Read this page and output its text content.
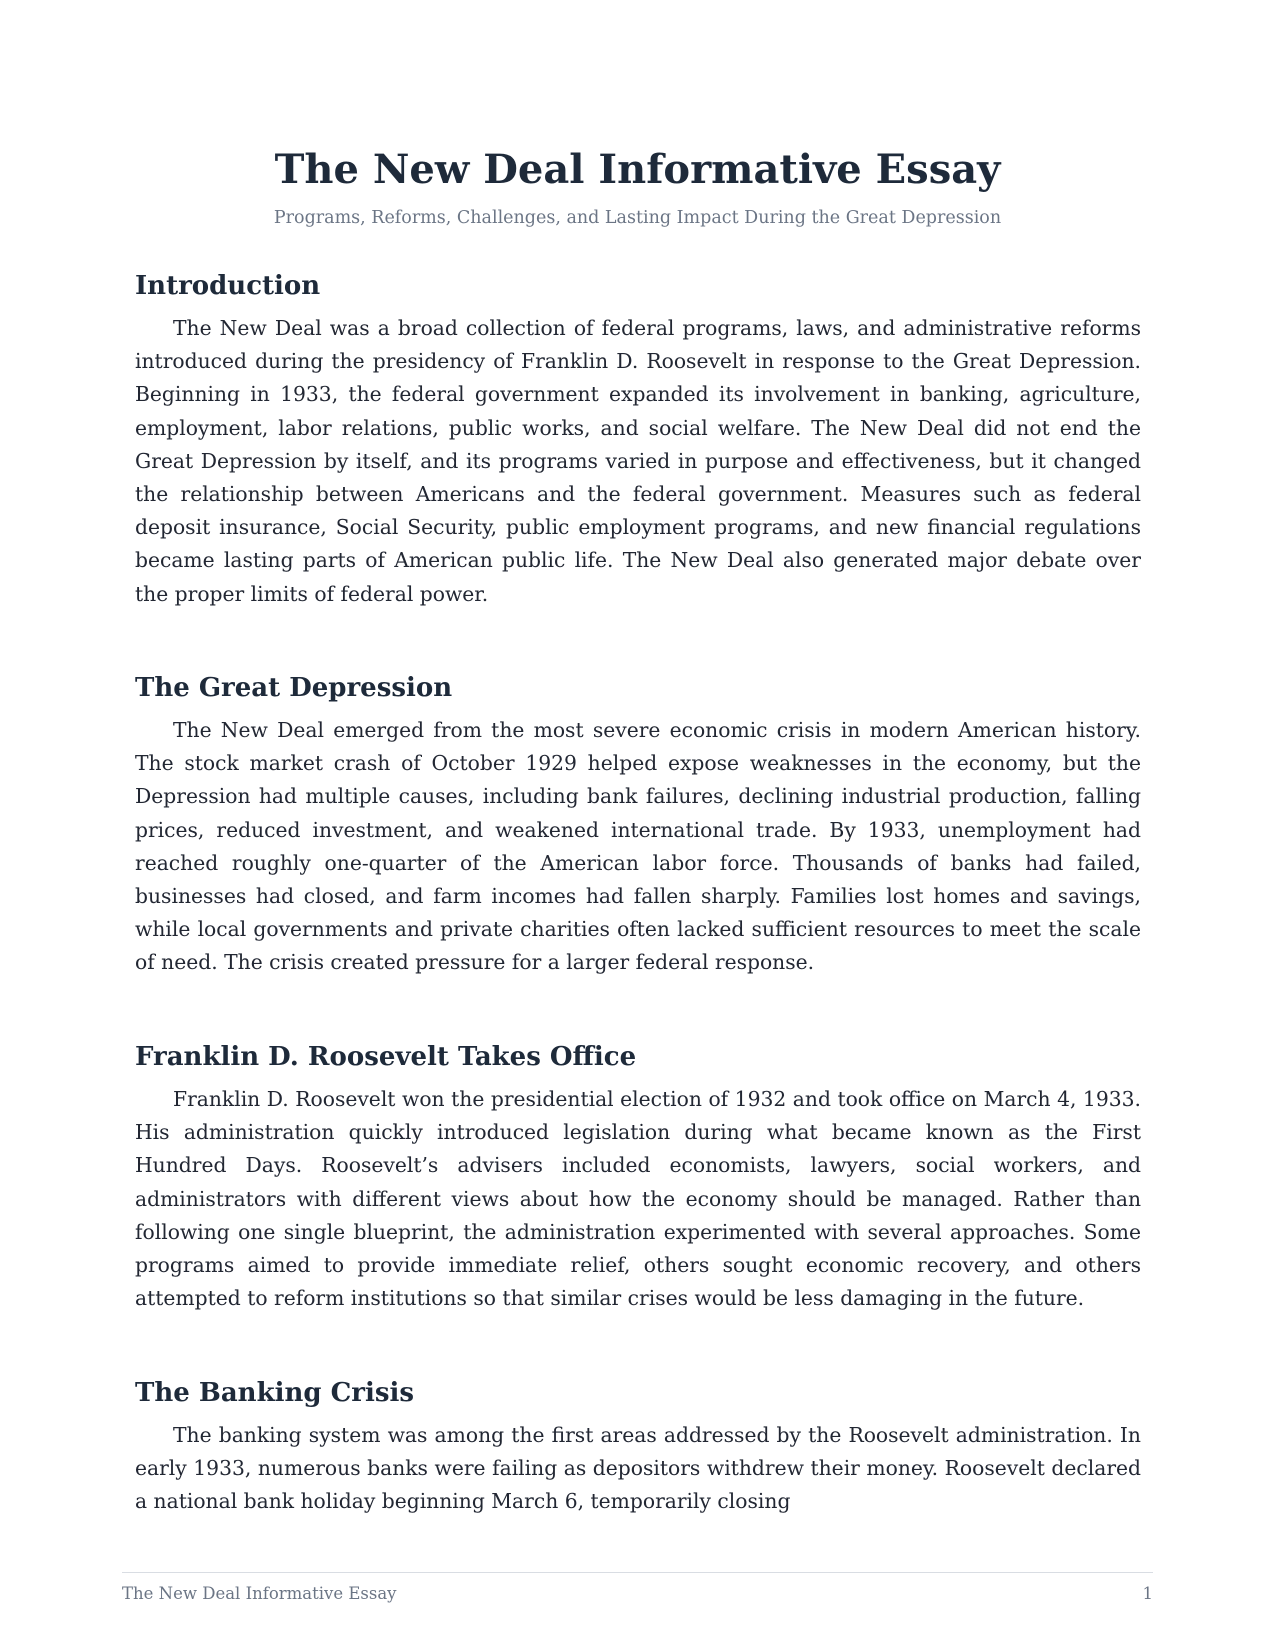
The New Deal Informative Essay
Programs, Reforms, Challenges, and Lasting Impact During the Great Depression
Introduction

The New Deal was a broad collection of federal programs, laws, and administrative reforms introduced during the presidency of Franklin D. Roosevelt in response to the Great Depression. Beginning in 1933, the federal government expanded its involvement in banking, agriculture, employment, labor relations, public works, and social welfare. The New Deal did not end the Great Depression by itself, and its programs varied in purpose and effectiveness, but it changed the relationship between Americans and the federal government. Measures such as federal deposit insurance, Social Security, public employment programs, and new financial regulations became lasting parts of American public life. The New Deal also generated major debate over the proper limits of federal power.

The Great Depression

The New Deal emerged from the most severe economic crisis in modern American history. The stock market crash of October 1929 helped expose weaknesses in the economy, but the Depression had multiple causes, including bank failures, declining industrial production, falling prices, reduced investment, and weakened international trade. By 1933, unemployment had reached roughly one-quarter of the American labor force. Thousands of banks had failed, businesses had closed, and farm incomes had fallen sharply. Families lost homes and savings, while local governments and private charities often lacked sufficient resources to meet the scale of need. The crisis created pressure for a larger federal response.

Franklin D. Roosevelt Takes Office

Franklin D. Roosevelt won the presidential election of 1932 and took office on March 4, 1933. His administration quickly introduced legislation during what became known as the First Hundred Days. Roosevelt’s advisers included economists, lawyers, social workers, and administrators with different views about how the economy should be managed. Rather than following one single blueprint, the administration experimented with several approaches. Some programs aimed to provide immediate relief, others sought economic recovery, and others attempted to reform institutions so that similar crises would be less damaging in the future.

The Banking Crisis

The banking system was among the first areas addressed by the Roosevelt administration. In early 1933, numerous banks were failing as depositors withdrew their money. Roosevelt declared a national bank holiday beginning March 6, temporarily closing

The New Deal Informative Essay	1
